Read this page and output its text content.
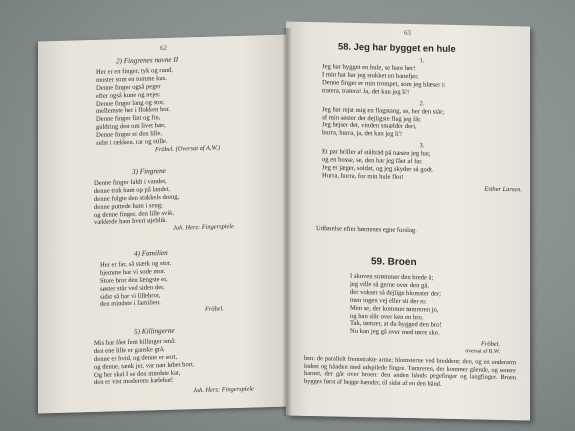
62
2) Fingrenes navne II
Her er en finger, tyk og rund,
moster som en tomme kus.
Denne finger også peger
efter også kune og nejer.
Denne finger lang og stor,
mellemste her i flokken bor.
Denne finger fint og fin,
guldring den om livet bær,
Denne finger er den lille,
sidst i rækken, rar og stille.
Fröbel. (Oversat af A.W.)
3) Fingrene
Denne finger faldt i vandet,
denne trak ham op på landet,
denne fulgte den stakkels dreng,
denne puttede ham i seng;
og denne finger, den lille svik,
vækkede ham hvert øjeblik.
Joh. Herz: Fingerspiele
4) Familien
Her er far, så stærk og stor,
hjemme har vi sode mor.
Store bror den længste er,
søster står ved siden der.
sidst så har vi lillebror,
den mindste i familien.
Fröbel.
5) Killingerne
Mis har fået fem killinger små:
den ene lille er ganske grå,
denne er hvid, og denne er sort,
og denne, tænk jer, var nær løbet bort.
Og her skal I se den mindste kat,
den er vist moderens kælebat!
Joh. Herz: Fingerspiele
63
58. Jeg har bygget en hule
1.
Jeg har bygget en hule, se bare her!
I min hat har jeg stukket en banefjer.
Denne finger er min trompet, som jeg blæser i:
tratera, tratera! Ja, det kan jeg li'!
2.
Jeg har rejst mig en flagstang, se, her den står;
af min søster det dejligste flag jeg får.
Jeg hejser det, vinden smælder deri,
hurra, hurra, ja, det kan jeg li'!
3.
Et par briller af stålträd på næsen jeg har,
og en bosse, se, den har jeg fået af far.
Jeg er jæger, soldat, og jeg skyder så godt.
Hurra, hurra, for min hule flot!
Esther Larsen.
Udførelse efter børnenes egne forslag.
59. Broen
I skoven strømmer den brede å;
jeg ville så gerne over den gå,
der vokser så dejlige blomster der;
men ingen vej eller sti der er.
Men se, der kommer tømreren jo,
og han slår over ken en bro.
Tak, tømrer, at du bygged den bro!
Nu kan jeg gå over med tørre sko.
Fröbel.
oversat af B.W.
hen: de parallelt fremstrakte arme; blomsterne ved breddem: den, og en underarm lodret og hånden med udspilede fingre. Tømreren, der kommer gående, og senere barnet, der går over broen: den anden hånds pegefinger og langfinger. Broen bygges først af begge hænder, til sidst af en den hånd.
